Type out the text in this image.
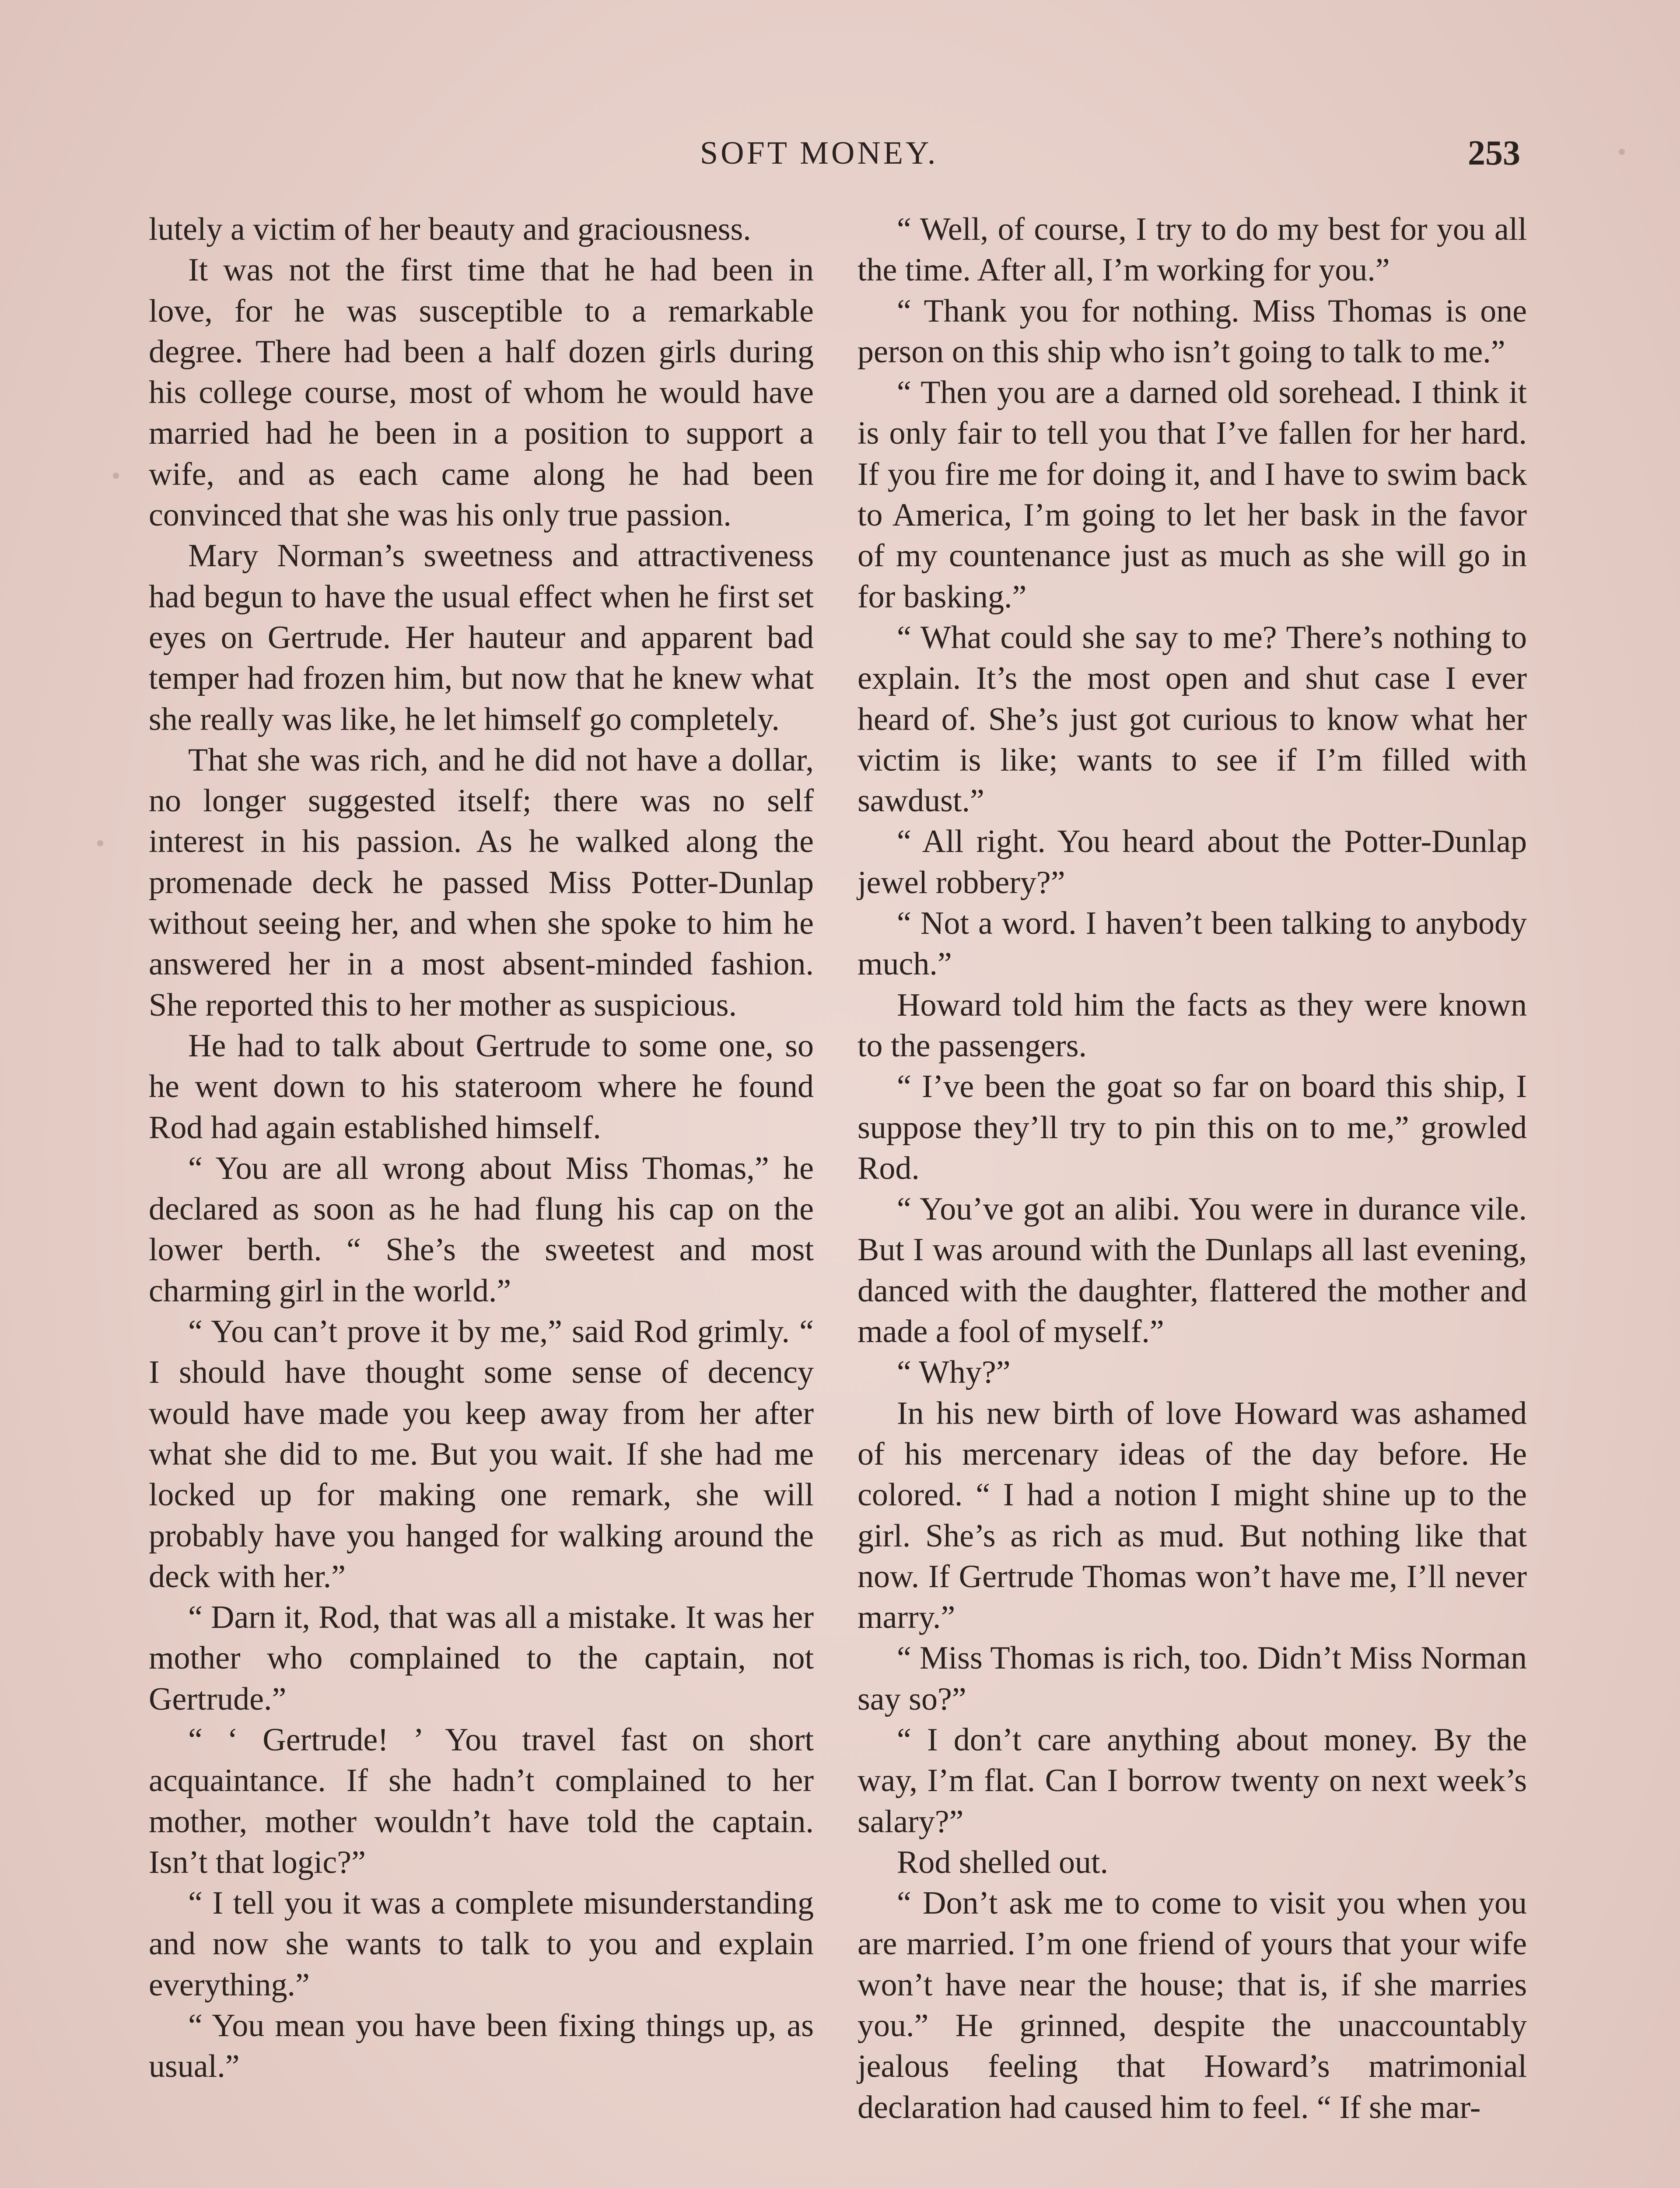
SOFT MONEY.	253

lutely a victim of her beauty and graciousness.

It was not the first time that he had been in love, for he was susceptible to a remarkable degree. There had been a half dozen girls during his college course, most of whom he would have married had he been in a position to support a wife, and as each came along he had been convinced that she was his only true passion.

Mary Norman’s sweetness and attractiveness had begun to have the usual effect when he first set eyes on Gertrude. Her hauteur and apparent bad temper had frozen him, but now that he knew what she really was like, he let himself go completely.

That she was rich, and he did not have a dollar, no longer suggested itself; there was no self interest in his passion. As he walked along the promenade deck he passed Miss Potter-Dunlap without seeing her, and when she spoke to him he answered her in a most absent-minded fashion. She reported this to her mother as suspicious.

He had to talk about Gertrude to some one, so he went down to his stateroom where he found Rod had again established himself.

“ You are all wrong about Miss Thomas,” he declared as soon as he had flung his cap on the lower berth. “ She’s the sweetest and most charming girl in the world.”

“ You can’t prove it by me,” said Rod grimly. “ I should have thought some sense of decency would have made you keep away from her after what she did to me. But you wait. If she had me locked up for making one remark, she will probably have you hanged for walking around the deck with her.”

“ Darn it, Rod, that was all a mistake. It was her mother who complained to the captain, not Gertrude.”

“ ‘ Gertrude! ’ You travel fast on short acquaintance. If she hadn’t complained to her mother, mother wouldn’t have told the captain. Isn’t that logic?”

“ I tell you it was a complete misunderstanding and now she wants to talk to you and explain everything.”

“ You mean you have been fixing things up, as usual.”

“ Well, of course, I try to do my best for you all the time. After all, I’m working for you.”

“ Thank you for nothing. Miss Thomas is one person on this ship who isn’t going to talk to me.”

“ Then you are a darned old sorehead. I think it is only fair to tell you that I’ve fallen for her hard. If you fire me for doing it, and I have to swim back to America, I’m going to let her bask in the favor of my countenance just as much as she will go in for basking.”

“ What could she say to me? There’s nothing to explain. It’s the most open and shut case I ever heard of. She’s just got curious to know what her victim is like; wants to see if I’m filled with sawdust.”

“ All right. You heard about the Potter-Dunlap jewel robbery?”

“ Not a word. I haven’t been talking to anybody much.”

Howard told him the facts as they were known to the passengers.

“ I’ve been the goat so far on board this ship, I suppose they’ll try to pin this on to me,” growled Rod.

“ You’ve got an alibi. You were in durance vile. But I was around with the Dunlaps all last evening, danced with the daughter, flattered the mother and made a fool of myself.”

“ Why?”

In his new birth of love Howard was ashamed of his mercenary ideas of the day before. He colored. “ I had a notion I might shine up to the girl. She’s as rich as mud. But nothing like that now. If Gertrude Thomas won’t have me, I’ll never marry.”

“ Miss Thomas is rich, too. Didn’t Miss Norman say so?”

“ I don’t care anything about money. By the way, I’m flat. Can I borrow twenty on next week’s salary?”

Rod shelled out.

“ Don’t ask me to come to visit you when you are married. I’m one friend of yours that your wife won’t have near the house; that is, if she marries you.” He grinned, despite the unaccountably jealous feeling that Howard’s matrimonial declaration had caused him to feel. “ If she mar-
